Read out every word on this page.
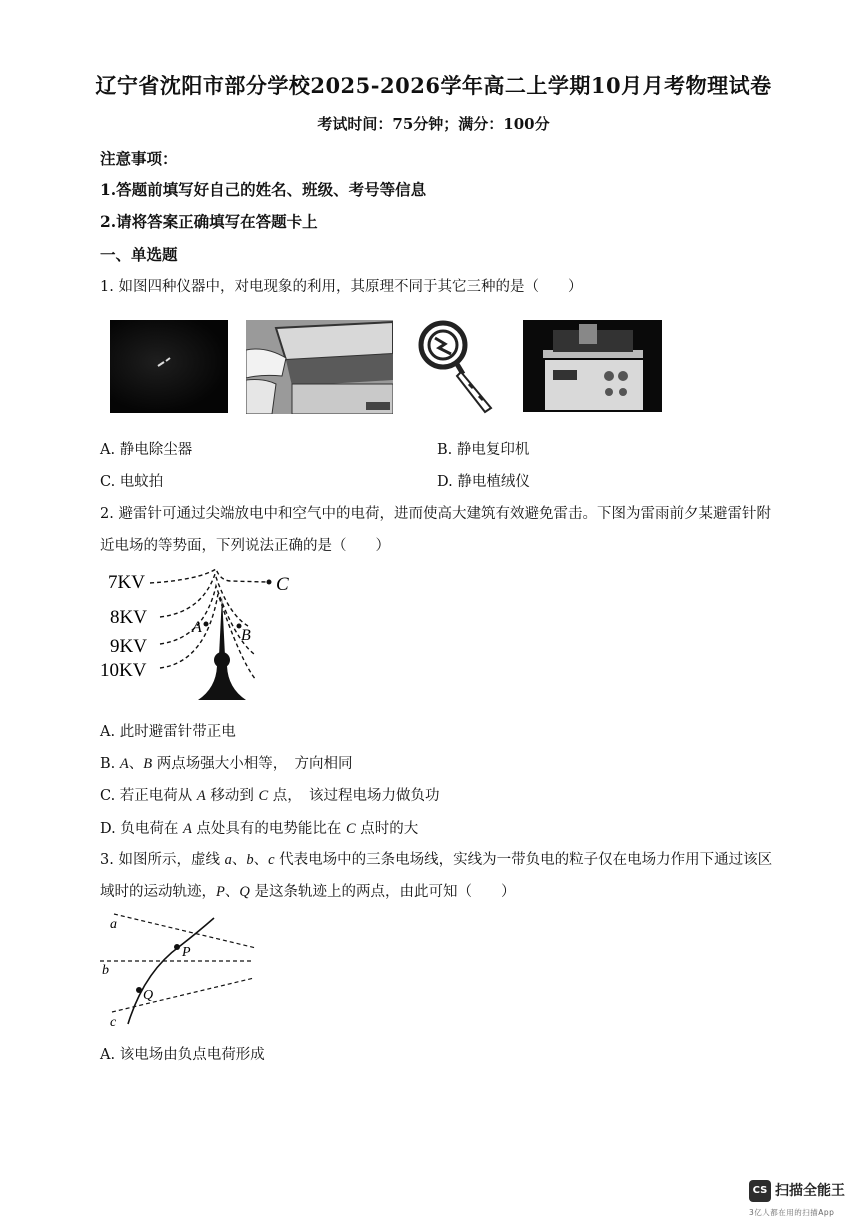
辽宁省沈阳市部分学校2025-2026学年高二上学期10月月考物理试卷
考试时间：75分钟；满分：100分
注意事项：
1.答题前填写好自己的姓名、班级、考号等信息
2.请将答案正确填写在答题卡上
一、单选题
1. 如图四种仪器中，对电现象的利用，其原理不同于其它三种的是（　　）
A. 静电除尘器	B. 静电复印机
C. 电蚊拍	D. 静电植绒仪
2. 避雷针可通过尖端放电中和空气中的电荷，进而使高大建筑有效避免雷击。下图为雷雨前夕某避雷针附
近电场的等势面，下列说法正确的是（　　）
7KV
8KV
9KV
10KV
A B
C
A. 此时避雷针带正电
B. A、B 两点场强大小相等，　方向相同
C. 若正电荷从 A 移动到 C 点，　该过程电场力做负功
D. 负电荷在 A 点处具有的电势能比在 C 点时的大
3. 如图所示，虚线 a、b、c 代表电场中的三条电场线，实线为一带负电的粒子仅在电场力作用下通过该区
域时的运动轨迹，P、Q 是这条轨迹上的两点，由此可知（　　）
a
b
c
P
Q
A. 该电场由负点电荷形成
CS 扫描全能王
3亿人都在用的扫描App
